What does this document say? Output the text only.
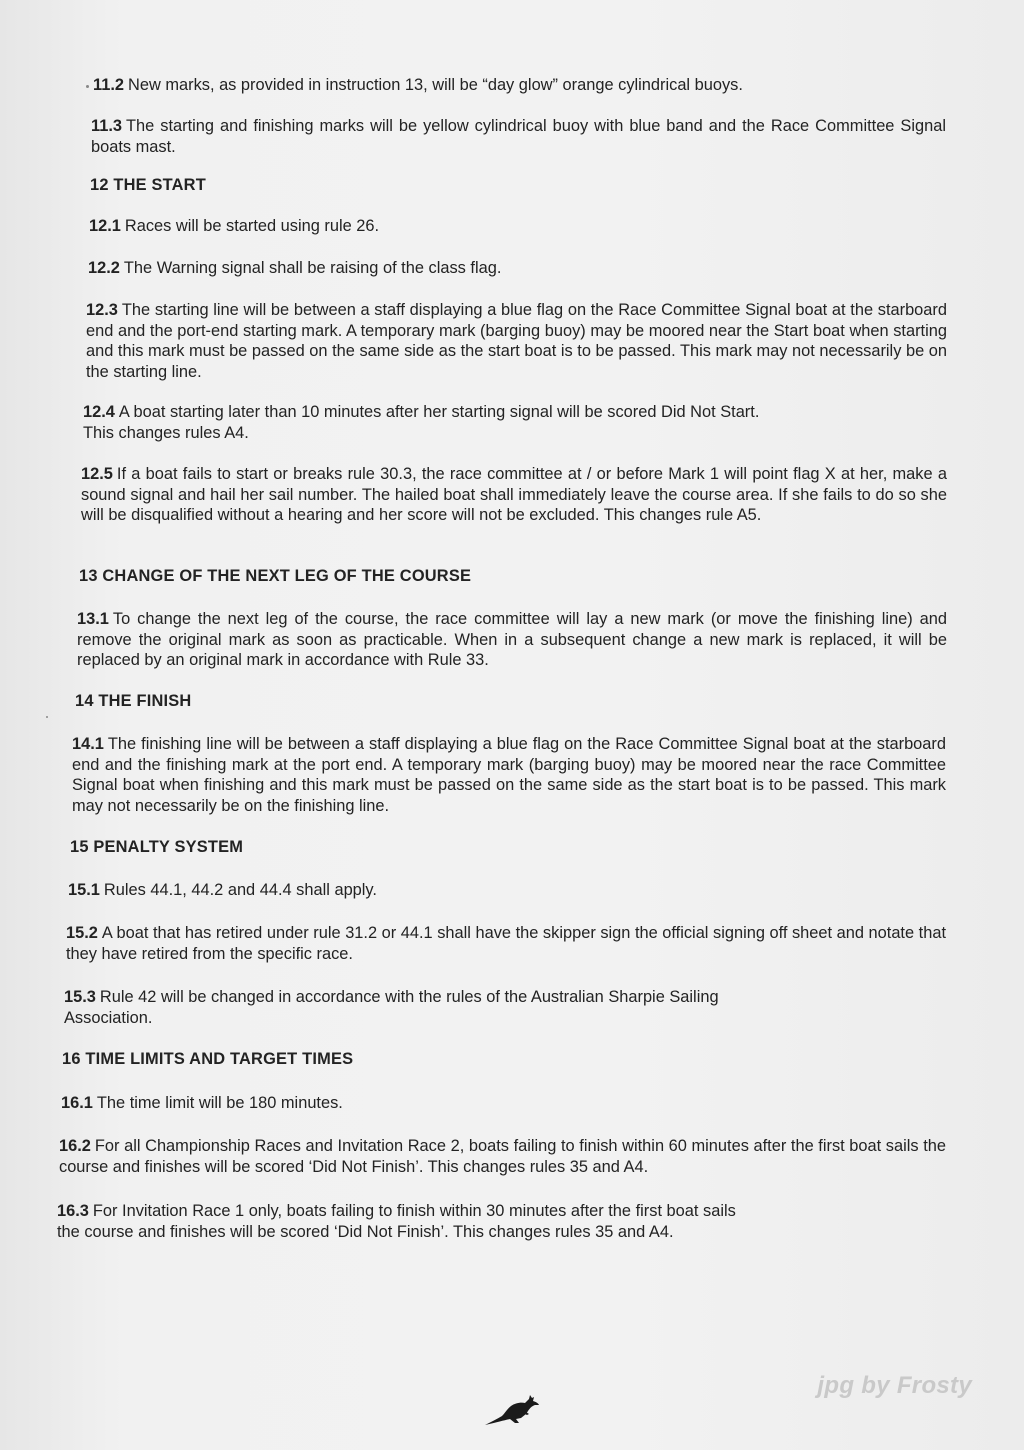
11.2 New marks, as provided in instruction 13, will be “day glow” orange cylindrical buoys.
11.3 The starting and finishing marks will be yellow cylindrical buoy with blue band and the Race Committee Signal boats mast.
12 THE START
12.1 Races will be started using rule 26.
12.2 The Warning signal shall be raising of the class flag.
12.3 The starting line will be between a staff displaying a blue flag on the Race Committee Signal boat at the starboard end and the port-end starting mark. A temporary mark (barging buoy) may be moored near the Start boat when starting and this mark must be passed on the same side as the start boat is to be passed. This mark may not necessarily be on the starting line.
12.4 A boat starting later than 10 minutes after her starting signal will be scored Did Not Start.
This changes rules A4.
12.5 If a boat fails to start or breaks rule 30.3, the race committee at / or before Mark 1 will point flag X at her, make a sound signal and hail her sail number. The hailed boat shall immediately leave the course area. If she fails to do so she will be disqualified without a hearing and her score will not be excluded. This changes rule A5.
13 CHANGE OF THE NEXT LEG OF THE COURSE
13.1 To change the next leg of the course, the race committee will lay a new mark (or move the finishing line) and remove the original mark as soon as practicable. When in a subsequent change a new mark is replaced, it will be replaced by an original mark in accordance with Rule 33.
14 THE FINISH
14.1 The finishing line will be between a staff displaying a blue flag on the Race Committee Signal boat at the starboard end and the finishing mark at the port end. A temporary mark (barging buoy) may be moored near the race Committee Signal boat when finishing and this mark must be passed on the same side as the start boat is to be passed. This mark may not necessarily be on the finishing line.
15 PENALTY SYSTEM
15.1 Rules 44.1, 44.2 and 44.4 shall apply.
15.2 A boat that has retired under rule 31.2 or 44.1 shall have the skipper sign the official signing off sheet and notate that they have retired from the specific race.
15.3 Rule 42 will be changed in accordance with the rules of the Australian Sharpie Sailing
Association.
16 TIME LIMITS AND TARGET TIMES
16.1 The time limit will be 180 minutes.
16.2 For all Championship Races and Invitation Race 2, boats failing to finish within 60 minutes after the first boat sails the course and finishes will be scored ‘Did Not Finish’. This changes rules 35 and A4.
16.3 For Invitation Race 1 only, boats failing to finish within 30 minutes after the first boat sails
the course and finishes will be scored ‘Did Not Finish’. This changes rules 35 and A4.
jpg by Frosty
